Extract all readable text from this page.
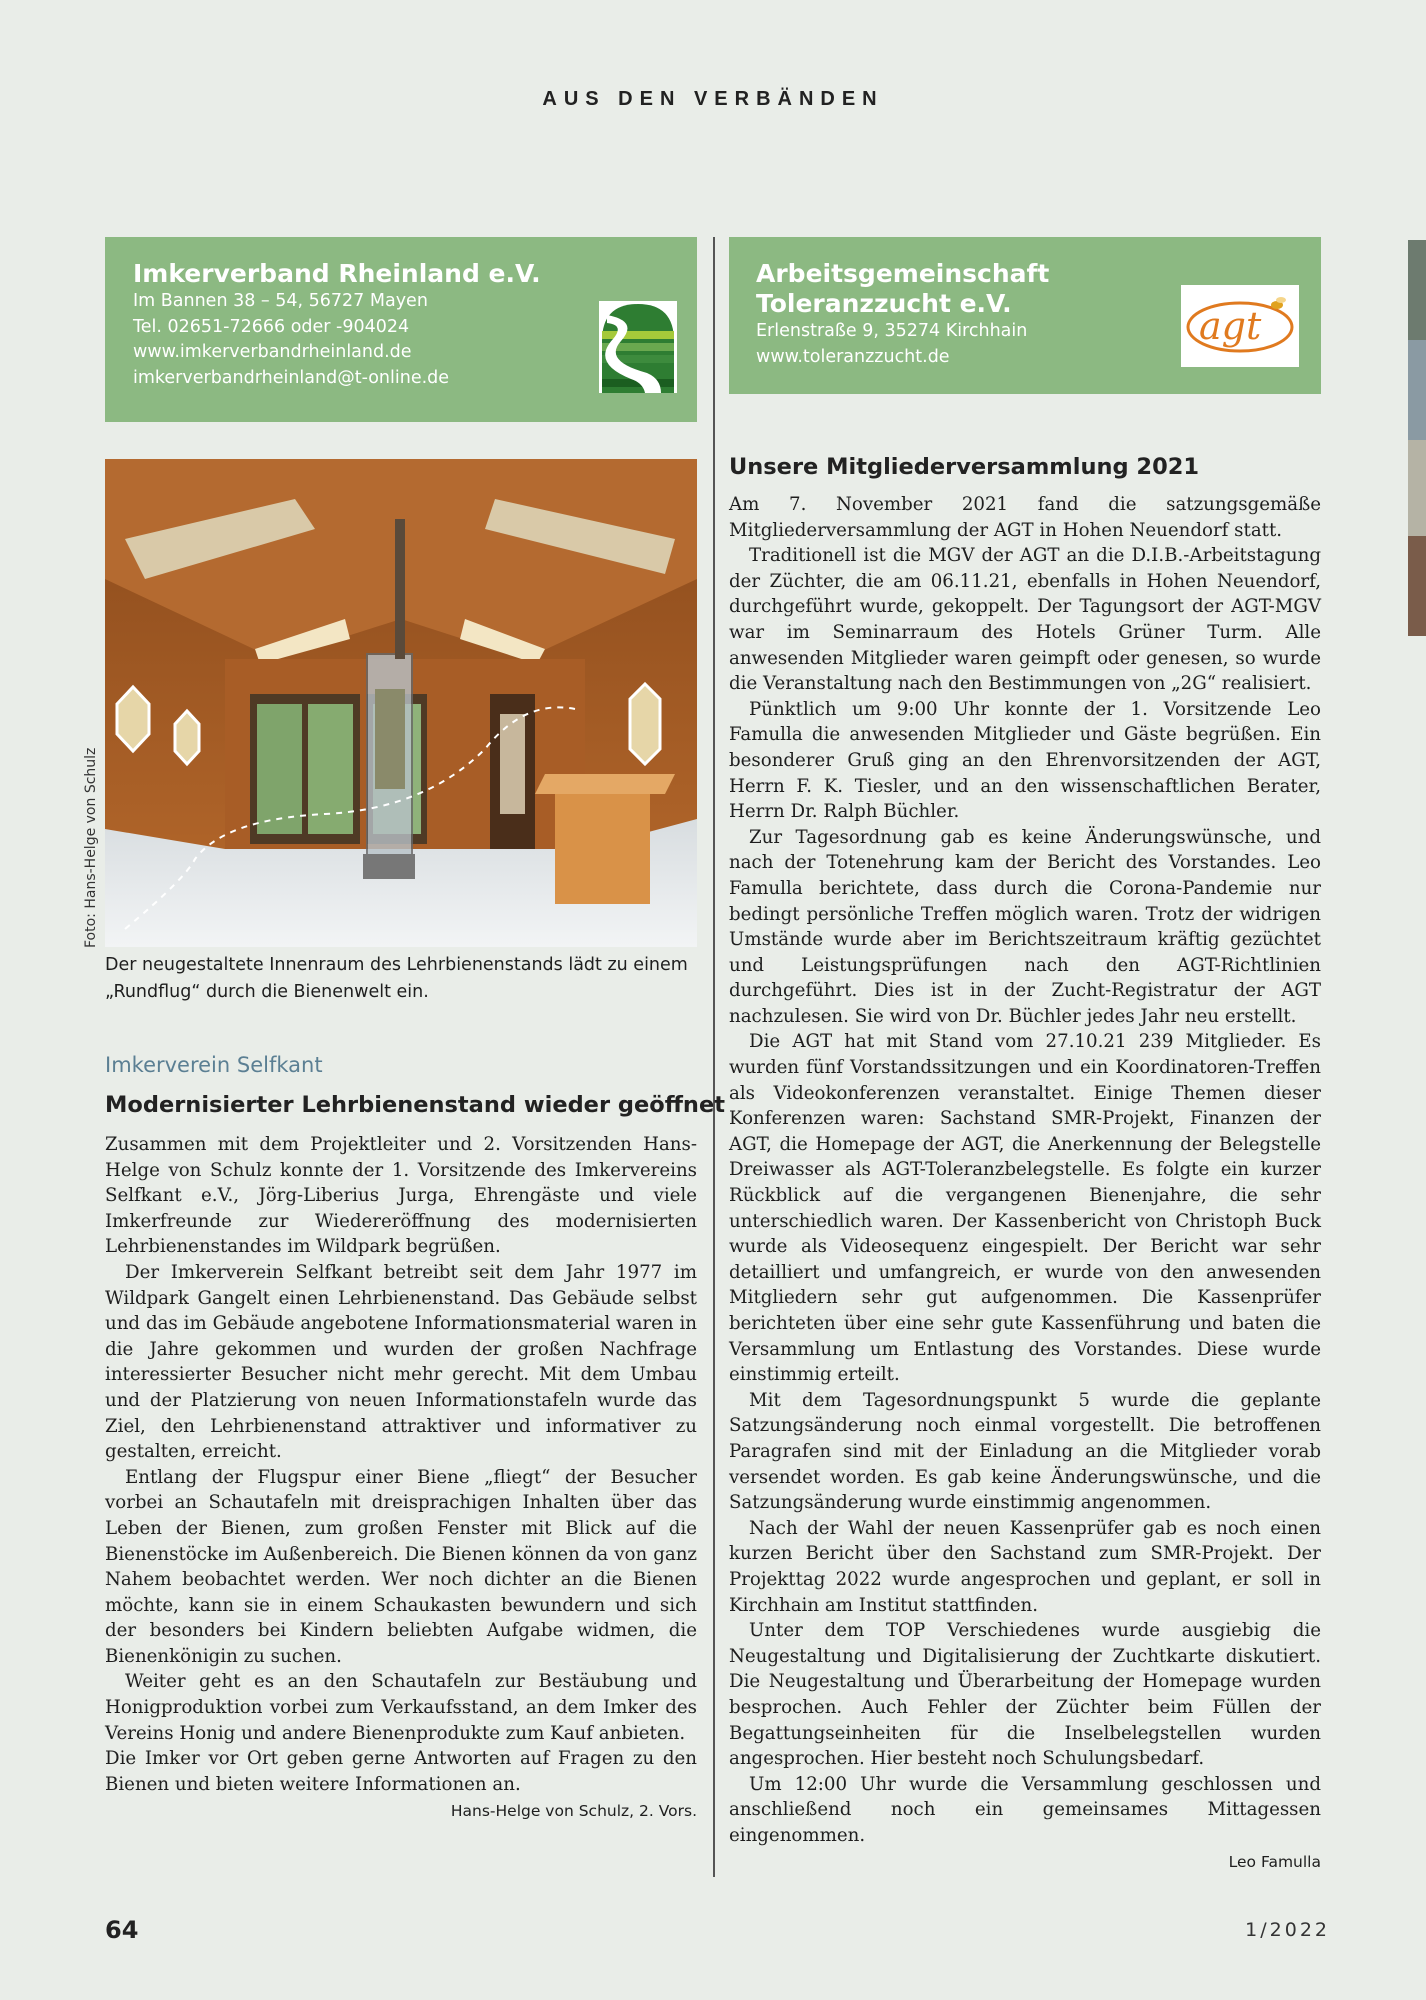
AUS DEN VERBÄNDEN
Imkerverband Rheinland e.V.
Im Bannen 38 – 54, 56727 Mayen
Tel. 02651-72666 oder -904024
www.imkerverbandrheinland.de
imkerverbandrheinland@t-online.de
Arbeitsgemeinschaft
Toleranzzucht e.V.
Erlenstraße 9, 35274 Kirchhain
www.toleranzzucht.de
agt
Foto: Hans-Helge von Schulz
Der neugestaltete Innenraum des Lehrbienenstands lädt zu einem „Rundflug“ durch die Bienenwelt ein.
Imkerverein Selfkant
Modernisierter Lehrbienenstand wieder geöffnet

Zusammen mit dem Projektleiter und 2. Vorsitzenden Hans-Helge von Schulz konnte der 1. Vorsitzende des Imkervereins Selfkant e.V., Jörg-Liberius Jurga, Ehrengäste und viele Imkerfreunde zur Wiedereröffnung des modernisierten Lehrbienenstandes im Wildpark begrüßen.

Der Imkerverein Selfkant betreibt seit dem Jahr 1977 im Wildpark Gangelt einen Lehrbienenstand. Das Gebäude selbst und das im Gebäude angebotene Informationsmaterial waren in die Jahre gekommen und wurden der großen Nachfrage interessierter Besucher nicht mehr gerecht. Mit dem Umbau und der Platzierung von neuen Informationstafeln wurde das Ziel, den Lehrbienenstand attraktiver und informativer zu gestalten, erreicht.

Entlang der Flugspur einer Biene „fliegt“ der Besucher vorbei an Schautafeln mit dreisprachigen Inhalten über das Leben der Bienen, zum großen Fenster mit Blick auf die Bienenstöcke im Außenbereich. Die Bienen können da von ganz Nahem beobachtet werden. Wer noch dichter an die Bienen möchte, kann sie in einem Schaukasten bewundern und sich der besonders bei Kindern beliebten Aufgabe widmen, die Bienenkönigin zu suchen.

Weiter geht es an den Schautafeln zur Bestäubung und Honigproduktion vorbei zum Verkaufsstand, an dem Imker des Vereins Honig und andere Bienenprodukte zum Kauf anbieten.

Die Imker vor Ort geben gerne Antworten auf Fragen zu den Bienen und bieten weitere Informationen an.

Hans-Helge von Schulz, 2. Vors.
Unsere Mitgliederversammlung 2021

Am 7. November 2021 fand die satzungsgemäße Mitgliederversammlung der AGT in Hohen Neuendorf statt.

Traditionell ist die MGV der AGT an die D.I.B.-Arbeitstagung der Züchter, die am 06.11.21, ebenfalls in Hohen Neuendorf, durchgeführt wurde, gekoppelt. Der Tagungsort der AGT-MGV war im Seminarraum des Hotels Grüner Turm. Alle anwesenden Mitglieder waren geimpft oder genesen, so wurde die Veranstaltung nach den Bestimmungen von „2G“ realisiert.

Pünktlich um 9:00 Uhr konnte der 1. Vorsitzende Leo Famulla die anwesenden Mitglieder und Gäste begrüßen. Ein besonderer Gruß ging an den Ehrenvorsitzenden der AGT, Herrn F. K. Tiesler, und an den wissenschaftlichen Berater, Herrn Dr. Ralph Büchler.

Zur Tagesordnung gab es keine Änderungswünsche, und nach der Totenehrung kam der Bericht des Vorstandes. Leo Famulla berichtete, dass durch die Corona-Pandemie nur bedingt persönliche Treffen möglich waren. Trotz der widrigen Umstände wurde aber im Berichtszeitraum kräftig gezüchtet und Leistungsprüfungen nach den AGT-Richtlinien durchgeführt. Dies ist in der Zucht-Registratur der AGT nachzulesen. Sie wird von Dr. Büchler jedes Jahr neu erstellt.

Die AGT hat mit Stand vom 27.10.21 239 Mitglieder. Es wurden fünf Vorstandssitzungen und ein Koordinatoren-Treffen als Videokonferenzen veranstaltet. Einige Themen dieser Konferenzen waren: Sachstand SMR-Projekt, Finanzen der AGT, die Homepage der AGT, die Anerkennung der Belegstelle Dreiwasser als AGT-Toleranzbelegstelle. Es folgte ein kurzer Rückblick auf die vergangenen Bienenjahre, die sehr unterschiedlich waren. Der Kassenbericht von Christoph Buck wurde als Videosequenz eingespielt. Der Bericht war sehr detailliert und umfangreich, er wurde von den anwesenden Mitgliedern sehr gut aufgenommen. Die Kassenprüfer berichteten über eine sehr gute Kassenführung und baten die Versammlung um Entlastung des Vorstandes. Diese wurde einstimmig erteilt.

Mit dem Tagesordnungspunkt 5 wurde die geplante Satzungsänderung noch einmal vorgestellt. Die betroffenen Paragrafen sind mit der Einladung an die Mitglieder vorab versendet worden. Es gab keine Änderungswünsche, und die Satzungsänderung wurde einstimmig angenommen.

Nach der Wahl der neuen Kassenprüfer gab es noch einen kurzen Bericht über den Sachstand zum SMR-Projekt. Der Projekttag 2022 wurde angesprochen und geplant, er soll in Kirchhain am Institut stattfinden.

Unter dem TOP Verschiedenes wurde ausgiebig die Neugestaltung und Digitalisierung der Zuchtkarte diskutiert. Die Neugestaltung und Überarbeitung der Homepage wurden besprochen. Auch Fehler der Züchter beim Füllen der Begattungseinheiten für die Inselbelegstellen wurden angesprochen. Hier besteht noch Schulungsbedarf.

Um 12:00 Uhr wurde die Versammlung geschlossen und anschließend noch ein gemeinsames Mittagessen eingenommen.

Leo Famulla
64	1/2022
